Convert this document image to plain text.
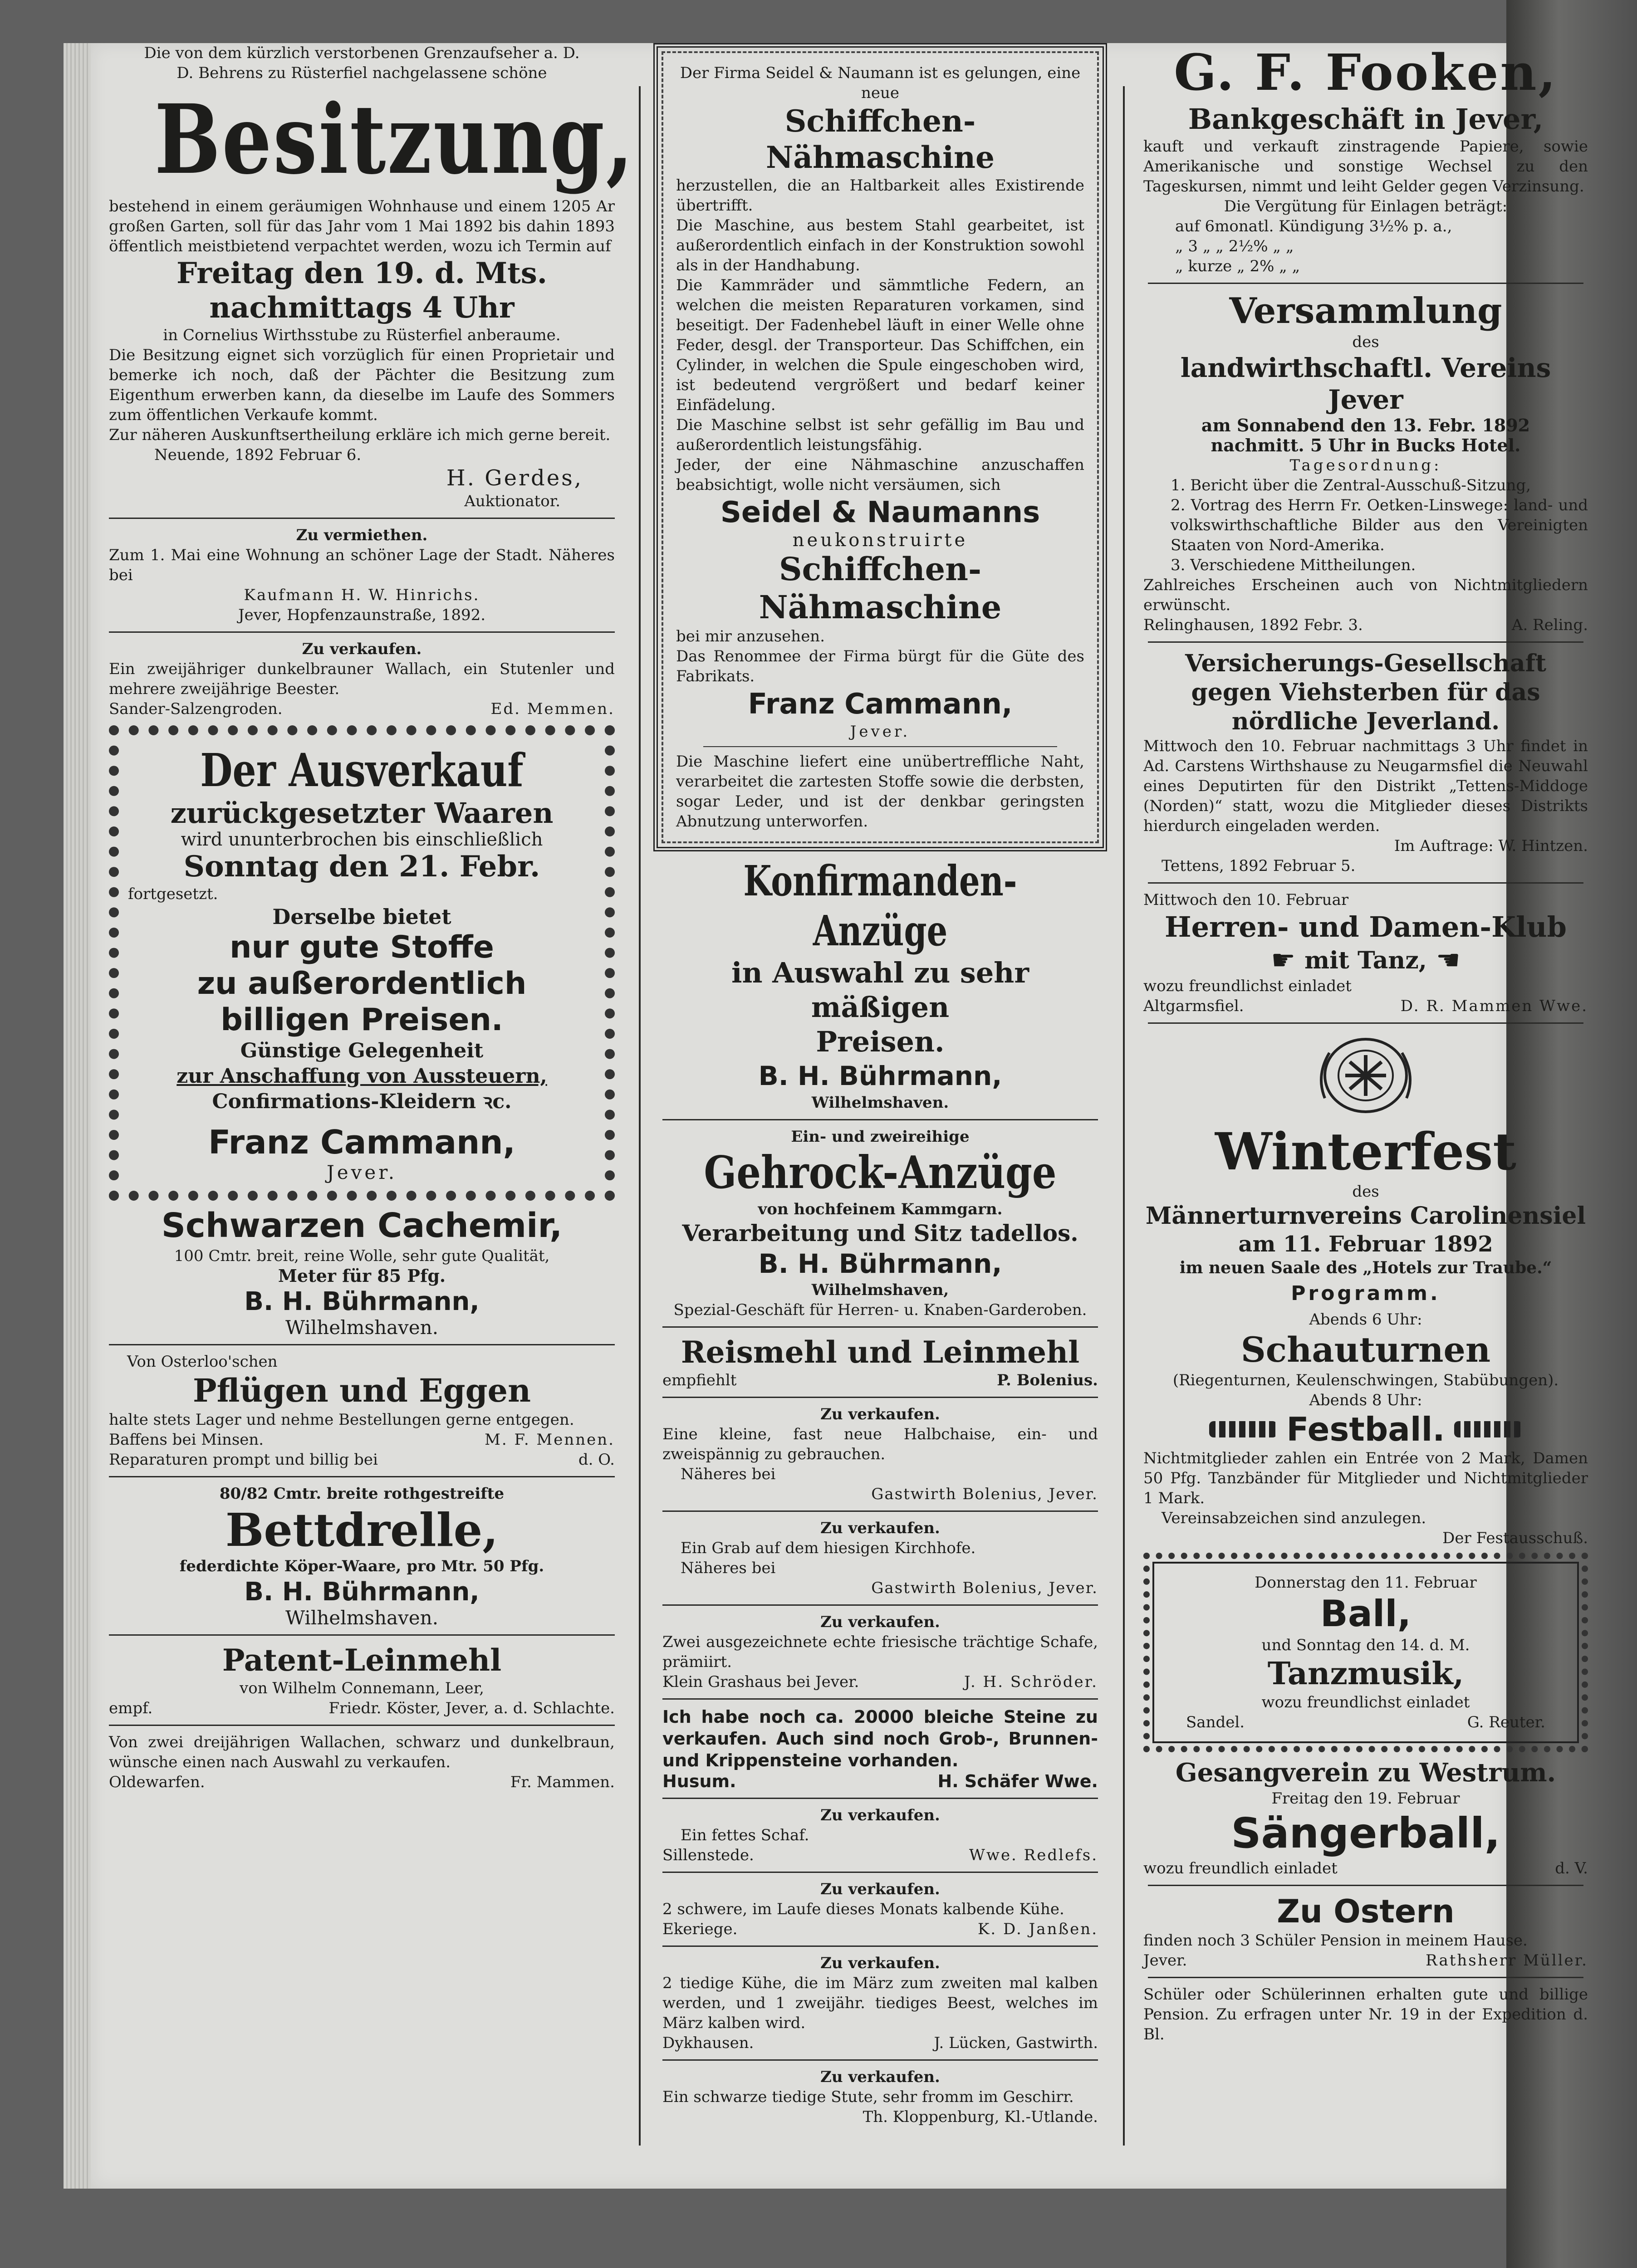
Die von dem kürzlich verstorbenen Grenzaufseher a. D. D. Behrens zu Rüsterfiel nachgelassene schöne
Besitzung,
bestehend in einem geräumigen Wohnhause und einem 1205 Ar großen Garten, soll für das Jahr vom 1 Mai 1892 bis dahin 1893 öffentlich meistbietend verpachtet werden, wozu ich Termin auf
Freitag den 19. d. Mts.
nachmittags 4 Uhr
in Cornelius Wirthsstube zu Rüsterfiel anberaume.
Die Besitzung eignet sich vorzüglich für einen Proprietair und bemerke ich noch, daß der Pächter die Besitzung zum Eigenthum erwerben kann, da dieselbe im Laufe des Sommers zum öffentlichen Verkaufe kommt.
Zur näheren Auskunftsertheilung erkläre ich mich gerne bereit.
Neuende, 1892 Februar 6.
H. Gerdes,
Auktionator.
Zu vermiethen.
Zum 1. Mai eine Wohnung an schöner Lage der Stadt. Näheres bei
Kaufmann H. W. Hinrichs.
Jever, Hopfenzaunstraße, 1892.
Zu verkaufen.
Ein zweijähriger dunkelbrauner Wallach, ein Stutenler und mehrere zweijährige Beester.
Sander-Salzengroden.	Ed. Memmen.
Der Ausverkauf
zurückgesetzter Waaren
wird ununterbrochen bis einschließlich
Sonntag den 21. Febr.
fortgesetzt.
Derselbe bietet
nur gute Stoffe
zu außerordentlich
billigen Preisen.
Günstige Gelegenheit
zur Anschaffung von Aussteuern,
Confirmations-Kleidern ꝛc.
Franz Cammann,
Jever.
Schwarzen Cachemir,
100 Cmtr. breit, reine Wolle, sehr gute Qualität,
Meter für 85 Pfg.
B. H. Bührmann,
Wilhelmshaven.
Von Osterloo'schen
Pflügen und Eggen
halte stets Lager und nehme Bestellungen gerne entgegen.
Baffens bei Minsen.	M. F. Mennen.
Reparaturen prompt und billig bei	d. O.
80/82 Cmtr. breite rothgestreifte
Bettdrelle,
federdichte Köper-Waare, pro Mtr. 50 Pfg.
B. H. Bührmann,
Wilhelmshaven.
Patent-Leinmehl
von Wilhelm Connemann, Leer,
empf.	Friedr. Köster, Jever, a. d. Schlachte.
Von zwei dreijährigen Wallachen, schwarz und dunkelbraun, wünsche einen nach Auswahl zu verkaufen.
Oldewarfen.	Fr. Mammen.
Der Firma Seidel & Naumann ist es gelungen, eine neue
Schiffchen-Nähmaschine
herzustellen, die an Haltbarkeit alles Existirende übertrifft.
Die Maschine, aus bestem Stahl gearbeitet, ist außerordentlich einfach in der Konstruktion sowohl als in der Handhabung.
Die Kammräder und sämmtliche Federn, an welchen die meisten Reparaturen vorkamen, sind beseitigt. Der Fadenhebel läuft in einer Welle ohne Feder, desgl. der Transporteur. Das Schiffchen, ein Cylinder, in welchen die Spule eingeschoben wird, ist bedeutend vergrößert und bedarf keiner Einfädelung.
Die Maschine selbst ist sehr gefällig im Bau und außerordentlich leistungsfähig.
Jeder, der eine Nähmaschine anzuschaffen beabsichtigt, wolle nicht versäumen, sich
Seidel & Naumanns
neukonstruirte
Schiffchen-Nähmaschine
bei mir anzusehen.
Das Renommee der Firma bürgt für die Güte des Fabrikats.
Franz Cammann,
Jever.
Die Maschine liefert eine unübertreffliche Naht, verarbeitet die zartesten Stoffe sowie die derbsten, sogar Leder, und ist der denkbar geringsten Abnutzung unterworfen.
Konfirmanden-Anzüge
in Auswahl zu sehr mäßigen
Preisen.
B. H. Bührmann,
Wilhelmshaven.
Ein- und zweireihige
Gehrock-Anzüge
von hochfeinem Kammgarn.
Verarbeitung und Sitz tadellos.
B. H. Bührmann,
Wilhelmshaven,
Spezial-Geschäft für Herren- u. Knaben-Garderoben.
Reismehl und Leinmehl
empfiehlt	P. Bolenius.
Zu verkaufen.
Eine kleine, fast neue Halbchaise, ein- und zweispännig zu gebrauchen.
Näheres bei
Gastwirth Bolenius, Jever.
Zu verkaufen.
Ein Grab auf dem hiesigen Kirchhofe.
Näheres bei
Gastwirth Bolenius, Jever.
Zu verkaufen.
Zwei ausgezeichnete echte friesische trächtige Schafe, prämiirt.
Klein Grashaus bei Jever.	J. H. Schröder.
Ich habe noch ca. 20000 bleiche Steine zu verkaufen. Auch sind noch Grob-, Brunnen- und Krippensteine vorhanden.
Husum.	H. Schäfer Wwe.
Zu verkaufen.
Ein fettes Schaf.
Sillenstede.	Wwe. Redlefs.
Zu verkaufen.
2 schwere, im Laufe dieses Monats kalbende Kühe.
Ekeriege.	K. D. Janßen.
Zu verkaufen.
2 tiedige Kühe, die im März zum zweiten mal kalben werden, und 1 zweijähr. tiediges Beest, welches im März kalben wird.
Dykhausen.	J. Lücken, Gastwirth.
Zu verkaufen.
Ein schwarze tiedige Stute, sehr fromm im Geschirr.
Th. Kloppenburg, Kl.-Utlande.
G. F. Fooken,
Bankgeschäft in Jever,
kauft und verkauft zinstragende Papiere, sowie Amerikanische und sonstige Wechsel zu den Tageskursen, nimmt und leiht Gelder gegen Verzinsung.
Die Vergütung für Einlagen beträgt:
auf 6monatl. Kündigung 3½% p. a.,
„ 3 „ „ 2½% „ „
„ kurze „ 2% „ „
Versammlung
des
landwirthschaftl. Vereins Jever
am Sonnabend den 13. Febr. 1892
nachmitt. 5 Uhr in Bucks Hotel.
Tagesordnung:
1. Bericht über die Zentral-Ausschuß-Sitzung,
2. Vortrag des Herrn Fr. Oetken-Linswege: land- und volkswirthschaftliche Bilder aus den Vereinigten Staaten von Nord-Amerika.
3. Verschiedene Mittheilungen.
Zahlreiches Erscheinen auch von Nichtmitgliedern erwünscht.
Relinghausen, 1892 Febr. 3.	A. Reling.
Versicherungs-Gesellschaft gegen Viehsterben für das nördliche Jeverland.
Mittwoch den 10. Februar nachmittags 3 Uhr findet in Ad. Carstens Wirthshause zu Neugarmsfiel die Neuwahl eines Deputirten für den Distrikt „Tettens-Middoge (Norden)“ statt, wozu die Mitglieder dieses Distrikts hierdurch eingeladen werden.
Im Auftrage: W. Hintzen.
Tettens, 1892 Februar 5.
Mittwoch den 10. Februar
Herren- und Damen-Klub
☛ mit Tanz, ☚
wozu freundlichst einladet
Altgarmsfiel.	D. R. Mammen Wwe.
Winterfest
des
Männerturnvereins Carolinensiel
am 11. Februar 1892
im neuen Saale des „Hotels zur Traube.“
Programm.
Abends 6 Uhr:
Schauturnen
(Riegenturnen, Keulenschwingen, Stabübungen).
Abends 8 Uhr:
Festball.
Nichtmitglieder zahlen ein Entrée von 2 Mark, Damen 50 Pfg. Tanzbänder für Mitglieder und Nichtmitglieder 1 Mark.
Vereinsabzeichen sind anzulegen.
Der Festausschuß.
Donnerstag den 11. Februar
Ball,
und Sonntag den 14. d. M.
Tanzmusik,
wozu freundlichst einladet
Sandel.	G. Reuter.
Gesangverein zu Westrum.
Freitag den 19. Februar
Sängerball,
wozu freundlich einladet	d. V.
Zu Ostern
finden noch 3 Schüler Pension in meinem Hause.
Jever.	Rathsherr Müller.
Schüler oder Schülerinnen erhalten gute und billige Pension. Zu erfragen unter Nr. 19 in der Expedition d. Bl.
